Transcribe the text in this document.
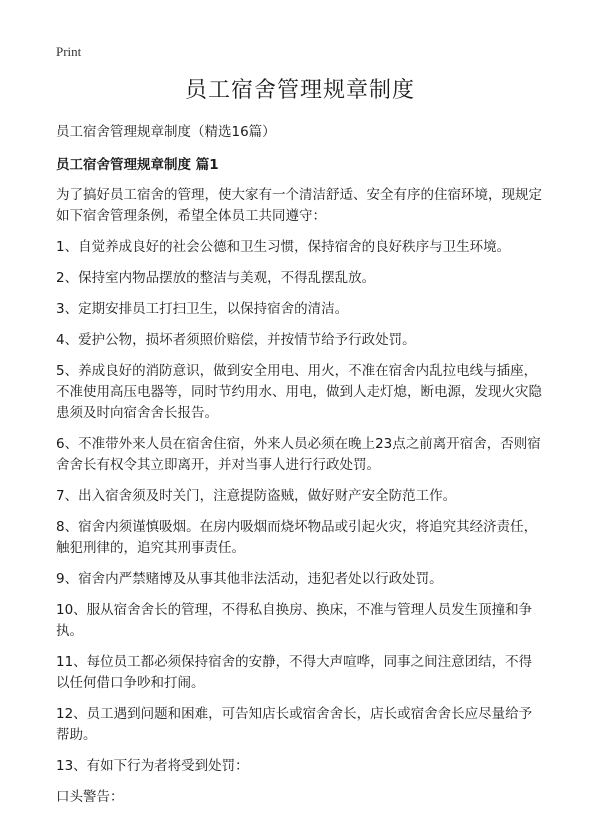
Print
员工宿舍管理规章制度
员工宿舍管理规章制度（精选16篇）
员工宿舍管理规章制度 篇1

为了搞好员工宿舍的管理，使大家有一个清洁舒适、安全有序的住宿环境，现规定如下宿舍管理条例，希望全体员工共同遵守：

1、自觉养成良好的社会公德和卫生习惯，保持宿舍的良好秩序与卫生环境。

2、保持室内物品摆放的整洁与美观，不得乱摆乱放。

3、定期安排员工打扫卫生，以保持宿舍的清洁。

4、爱护公物，损坏者须照价赔偿，并按情节给予行政处罚。

5、养成良好的消防意识，做到安全用电、用火，不准在宿舍内乱拉电线与插座，不准使用高压电器等，同时节约用水、用电，做到人走灯熄，断电源，发现火灾隐患须及时向宿舍舍长报告。

6、不准带外来人员在宿舍住宿，外来人员必须在晚上23点之前离开宿舍，否则宿舍舍长有权令其立即离开，并对当事人进行行政处罚。

7、出入宿舍须及时关门，注意提防盗贼，做好财产安全防范工作。

8、宿舍内须谨慎吸烟。在房内吸烟而烧坏物品或引起火灾，将追究其经济责任，触犯刑律的，追究其刑事责任。

9、宿舍内严禁赌博及从事其他非法活动，违犯者处以行政处罚。

10、服从宿舍舍长的管理，不得私自换房、换床，不准与管理人员发生顶撞和争执。

11、每位员工都必须保持宿舍的安静，不得大声喧哗，同事之间注意团结，不得以任何借口争吵和打闹。

12、员工遇到问题和困难，可告知店长或宿舍舍长，店长或宿舍舍长应尽量给予帮助。

13、有如下行为者将受到处罚：

口头警告：
